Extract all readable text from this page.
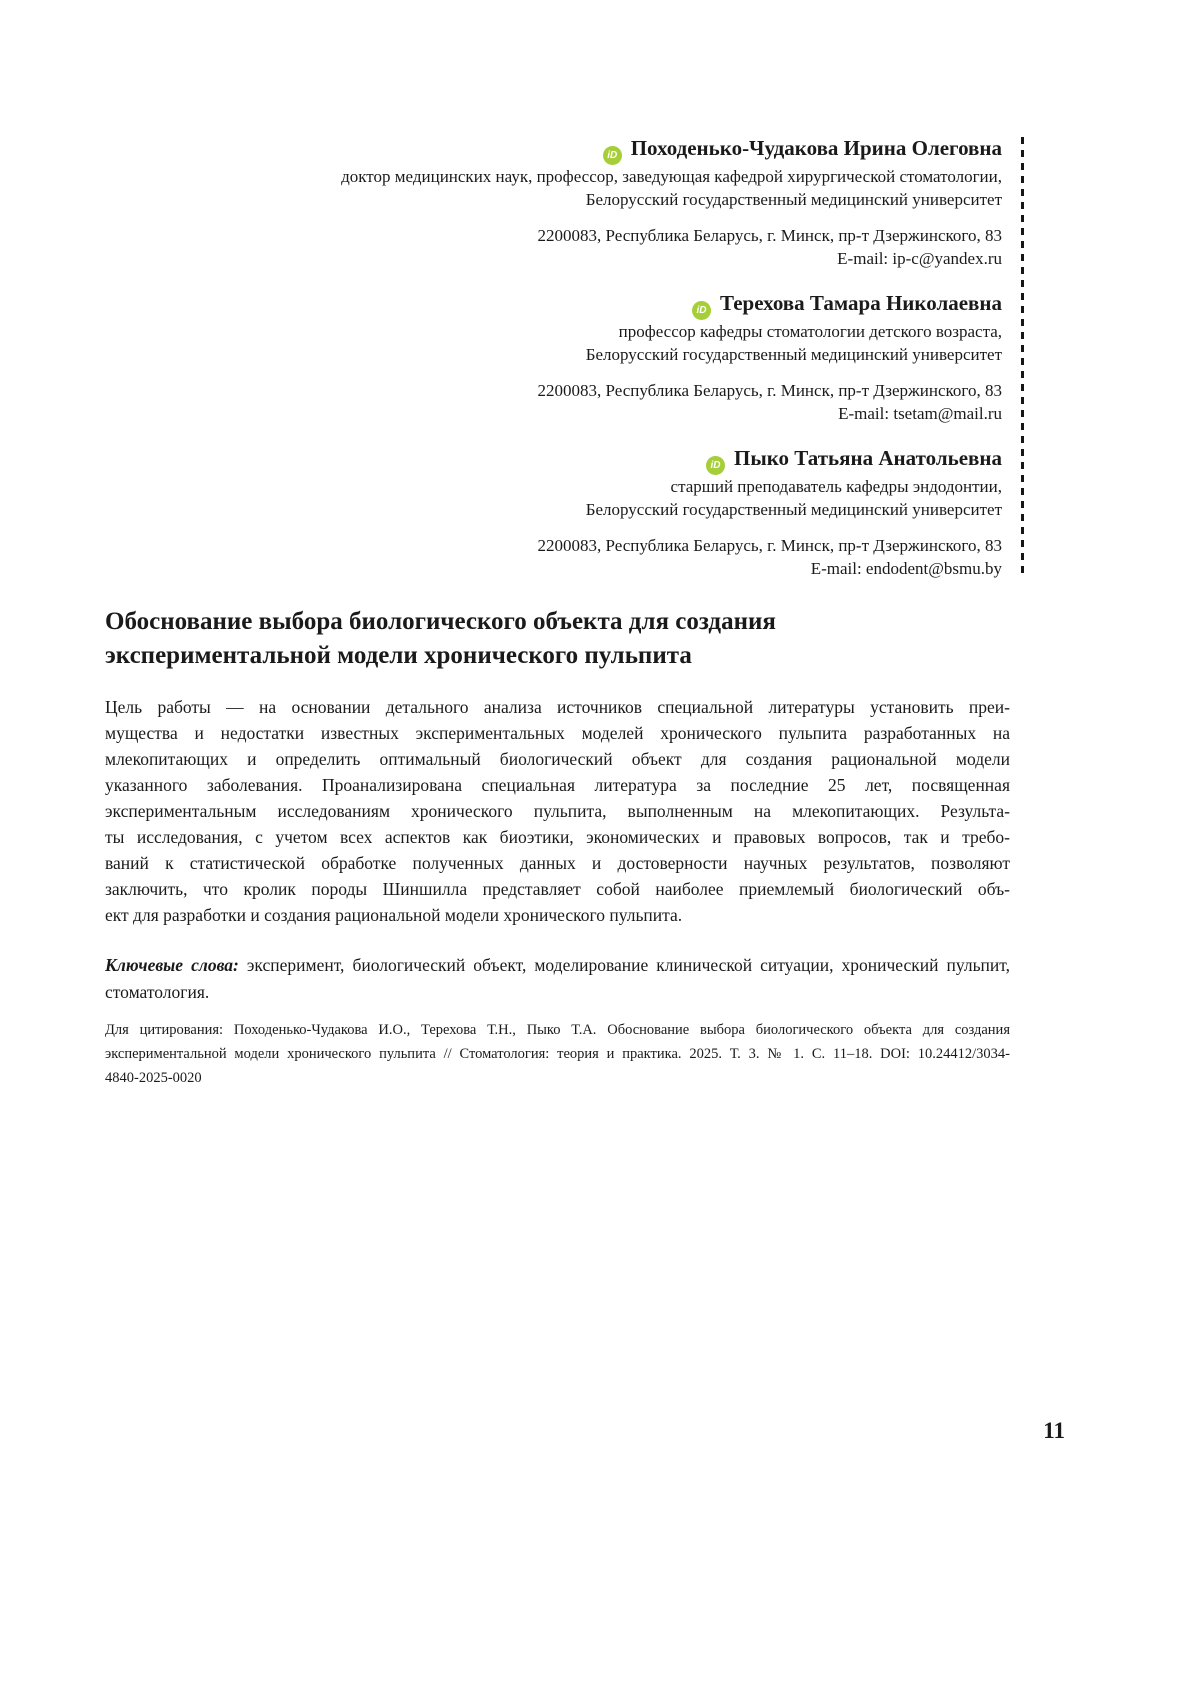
iD Походенько-Чудакова Ирина Олеговна
доктор медицинских наук, профессор, заведующая кафедрой хирургической стоматологии,
Белорусский государственный медицинский университет
2200083, Республика Беларусь, г. Минск, пр-т Дзержинского, 83
E-mail: ip-c@yandex.ru
iD Терехова Тамара Николаевна
профессор кафедры стоматологии детского возраста,
Белорусский государственный медицинский университет
2200083, Республика Беларусь, г. Минск, пр-т Дзержинского, 83
E-mail: tsetam@mail.ru
iD Пыко Татьяна Анатольевна
старший преподаватель кафедры эндодонтии,
Белорусский государственный медицинский университет
2200083, Республика Беларусь, г. Минск, пр-т Дзержинского, 83
E-mail: endodent@bsmu.by
Обоснование выбора биологического объекта для создания
экспериментальной модели хронического пульпита
Цель работы — на основании детального анализа источников специальной литературы установить преи-
мущества и недостатки известных экспериментальных моделей хронического пульпита разработанных на
млекопитающих и определить оптимальный биологический объект для создания рациональной модели
указанного заболевания. Проанализирована специальная литература за последние 25 лет, посвященная
экспериментальным исследованиям хронического пульпита, выполненным на млекопитающих. Результа-
ты исследования, с учетом всех аспектов как биоэтики, экономических и правовых вопросов, так и требо-
ваний к статистической обработке полученных данных и достоверности научных результатов, позволяют
заключить, что кролик породы Шиншилла представляет собой наиболее приемлемый биологический объ-
ект для разработки и создания рациональной модели хронического пульпита.
Ключевые слова: эксперимент, биологический объект, моделирование клинической ситуации, хронический пульпит,
стоматология.
Для цитирования: Походенько-Чудакова И.О., Терехова Т.Н., Пыко Т.А. Обоснование выбора биологического объекта для создания
экспериментальной модели хронического пульпита // Стоматология: теория и практика. 2025. Т. 3. № 1. С. 11–18. DOI: 10.24412/3034-
4840-2025-0020
11
